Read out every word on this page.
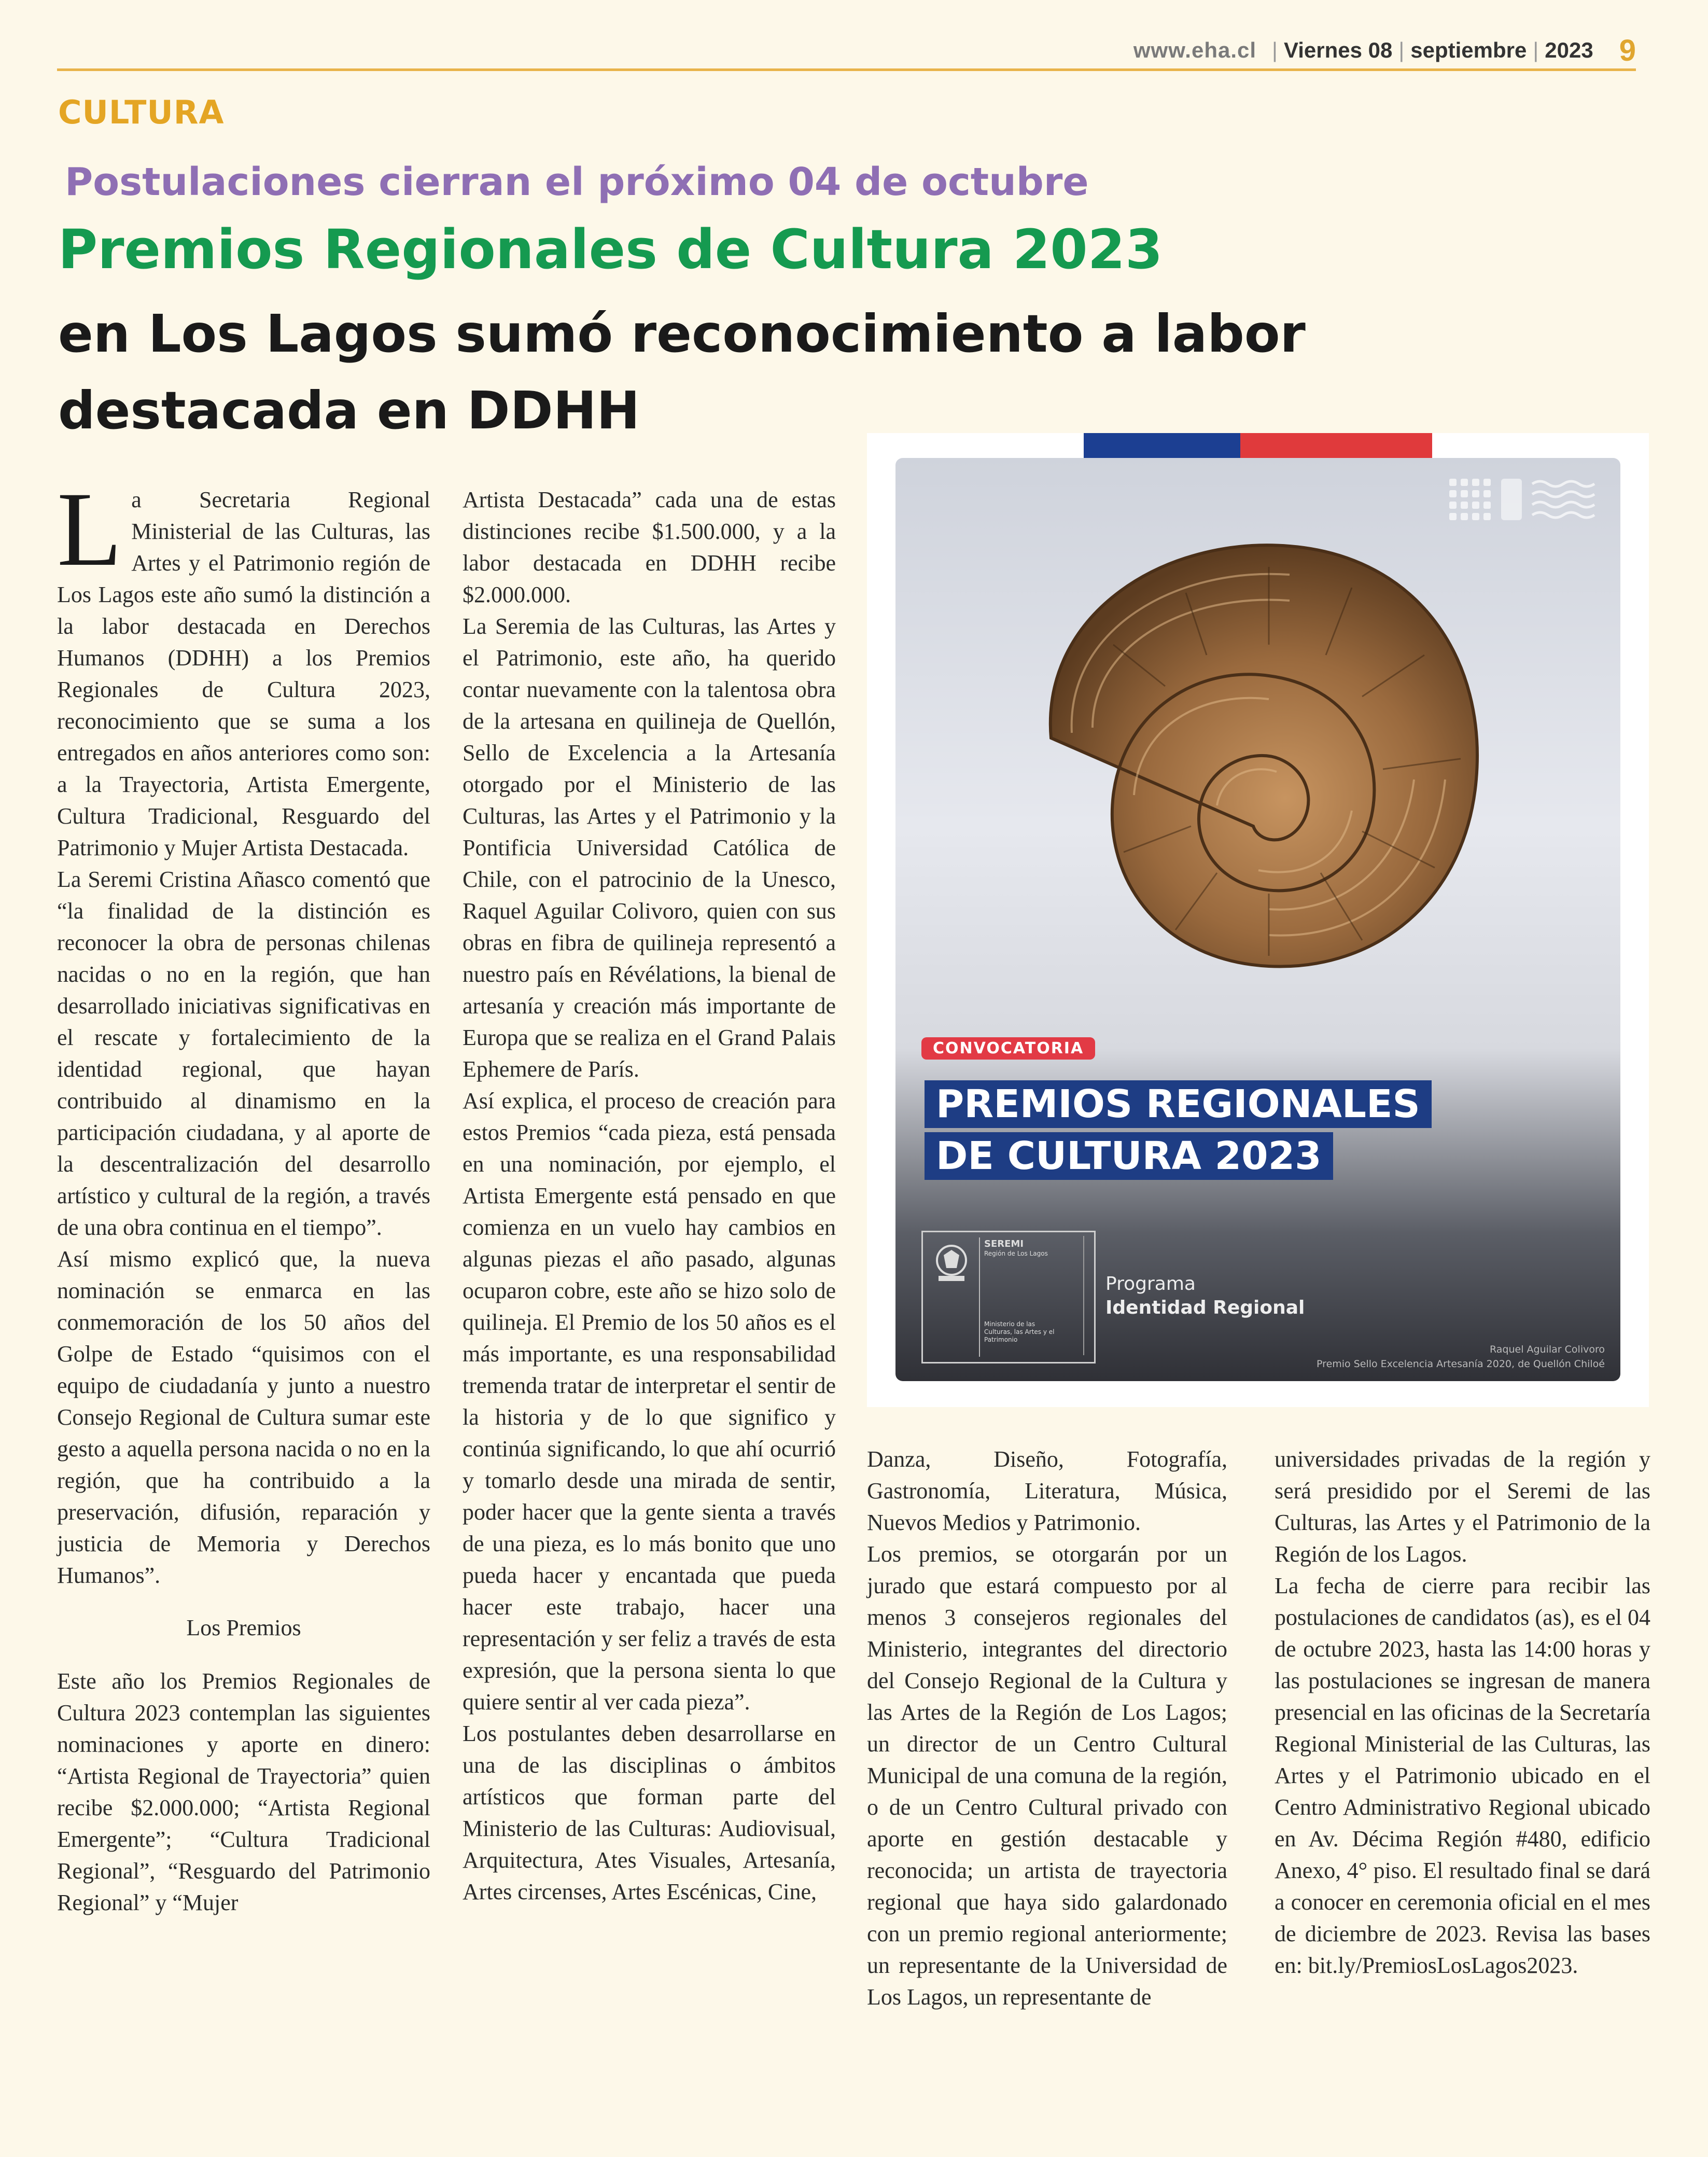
www.eha.cl | Viernes 08 | septiembre | 2023 9
CULTURA
Postulaciones cierran el próximo 04 de octubre
Premios Regionales de Cultura 2023
en Los Lagos sumó reconocimiento a labor destacada en DDHH

La Secretaria Regional Ministerial de las Culturas, las Artes y el Patrimonio región de Los Lagos este año sumó la distinción a la labor destacada en Derechos Humanos (DDHH) a los Premios Regionales de Cultura 2023, reconocimiento que se suma a los entregados en años anteriores como son: a la Trayectoria, Artista Emergente, Cultura Tradicional, Resguardo del Patrimonio y Mujer Artista Destacada.

La Seremi Cristina Añasco comentó que “la finalidad de la distinción es reconocer la obra de personas chilenas nacidas o no en la región, que han desarrollado iniciativas significativas en el rescate y fortalecimiento de la identidad regional, que hayan contribuido al dinamismo en la participación ciudadana, y al aporte de la descentralización del desarrollo artístico y cultural de la región, a través de una obra continua en el tiempo”.

Así mismo explicó que, la nueva nominación se enmarca en las conmemoración de los 50 años del Golpe de Estado “quisimos con el equipo de ciudadanía y junto a nuestro Consejo Regional de Cultura sumar este gesto a aquella persona nacida o no en la región, que ha contribuido a la preservación, difusión, reparación y justicia de Memoria y Derechos Humanos”.

Los Premios

Este año los Premios Regionales de Cultura 2023 contemplan las siguientes nominaciones y aporte en dinero: “Artista Regional de Trayectoria” quien recibe $2.000.000; “Artista Regional Emergente”; “Cultura Tradicional Regional”, “Resguardo del Patrimonio Regional” y “Mujer

Artista Destacada” cada una de estas distinciones recibe $1.500.000, y a la labor destacada en DDHH recibe $2.000.000.

La Seremia de las Culturas, las Artes y el Patrimonio, este año, ha querido contar nuevamente con la talentosa obra de la artesana en quilineja de Quellón, Sello de Excelencia a la Artesanía otorgado por el Ministerio de las Culturas, las Artes y el Patrimonio y la Pontificia Universidad Católica de Chile, con el patrocinio de la Unesco, Raquel Aguilar Colivoro, quien con sus obras en fibra de quilineja representó a nuestro país en Révélations, la bienal de artesanía y creación más importante de Europa que se realiza en el Grand Palais Ephemere de París.

Así explica, el proceso de creación para estos Premios “cada pieza, está pensada en una nominación, por ejemplo, el Artista Emergente está pensado en que comienza en un vuelo hay cambios en algunas piezas el año pasado, algunas ocuparon cobre, este año se hizo solo de quilineja. El Premio de los 50 años es el más importante, es una responsabilidad tremenda tratar de interpretar el sentir de la historia y de lo que significo y continúa significando, lo que ahí ocurrió y tomarlo desde una mirada de sentir, poder hacer que la gente sienta a través de una pieza, es lo más bonito que uno pueda hacer y encantada que pueda hacer este trabajo, hacer una representación y ser feliz a través de esta expresión, que la persona sienta lo que quiere sentir al ver cada pieza”.

Los postulantes deben desarrollarse en una de las disciplinas o ámbitos artísticos que forman parte del Ministerio de las Culturas: Audiovisual, Arquitectura, Ates Visuales, Artesanía, Artes circenses, Artes Escénicas, Cine,

Danza, Diseño, Fotografía, Gastronomía, Literatura, Música, Nuevos Medios y Patrimonio.

Los premios, se otorgarán por un jurado que estará compuesto por al menos 3 consejeros regionales del Ministerio, integrantes del directorio del Consejo Regional de la Cultura y las Artes de la Región de Los Lagos; un director de un Centro Cultural Municipal de una comuna de la región, o de un Centro Cultural privado con aporte en gestión destacable y reconocida; un artista de trayectoria regional que haya sido galardonado con un premio regional anteriormente; un representante de la Universidad de Los Lagos, un representante de

universidades privadas de la región y será presidido por el Seremi de las Culturas, las Artes y el Patrimonio de la Región de los Lagos.

La fecha de cierre para recibir las postulaciones de candidatos (as), es el 04 de octubre 2023, hasta las 14:00 horas y las postulaciones se ingresan de manera presencial en las oficinas de la Secretaría Regional Ministerial de las Culturas, las Artes y el Patrimonio ubicado en el Centro Administrativo Regional ubicado en Av. Décima Región #480, edificio Anexo, 4° piso. El resultado final se dará a conocer en ceremonia oficial en el mes de diciembre de 2023. Revisa las bases en: bit.ly/PremiosLosLagos2023.

CONVOCATORIA
PREMIOS REGIONALES
DE CULTURA 2023
SEREMI
Región de Los Lagos
Ministerio de las Culturas, las Artes y el Patrimonio
Programa
Identidad Regional
Raquel Aguilar Colivoro
Premio Sello Excelencia Artesanía 2020, de Quellón Chiloé
